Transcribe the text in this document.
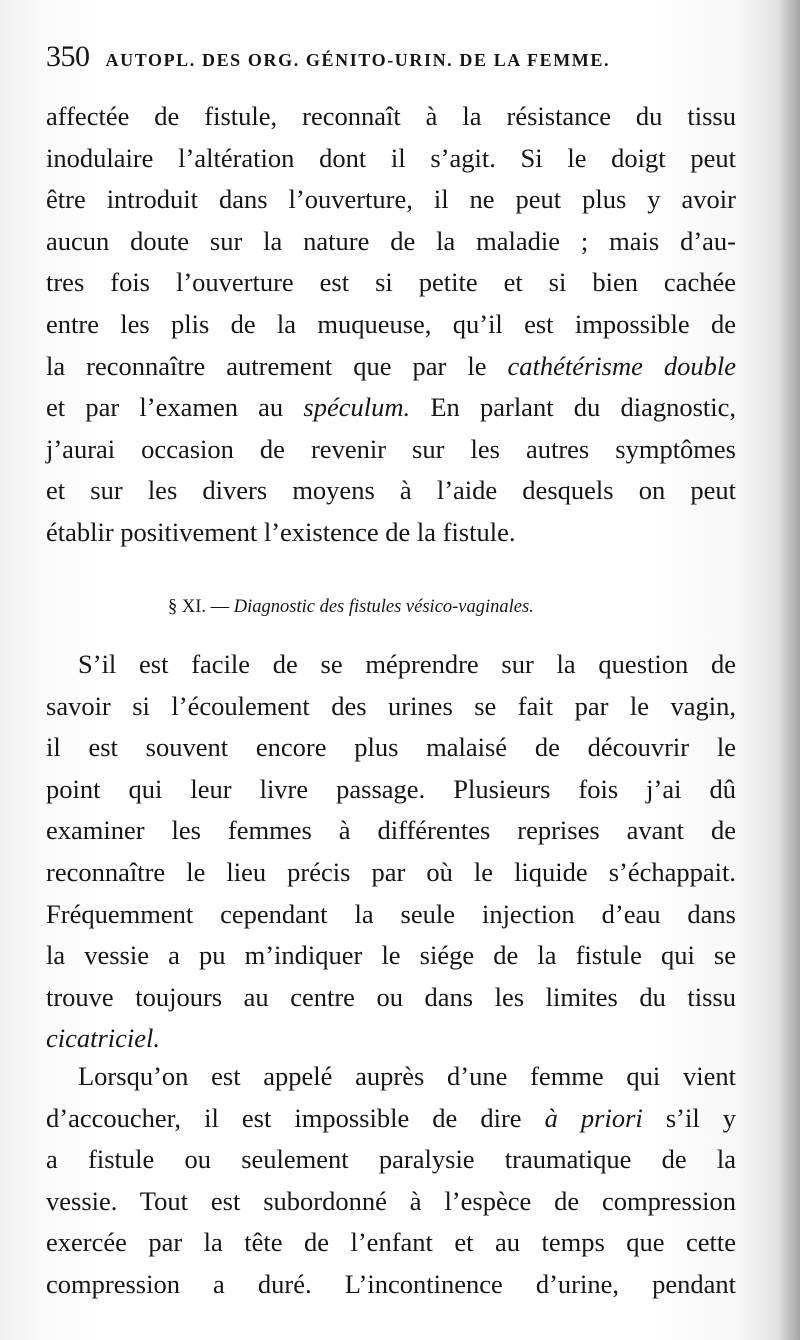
350 AUTOPL. DES ORG. GÉNITO-URIN. DE LA FEMME.
affectée de fistule, reconnaît à la résistance du tissu
inodulaire l’altération dont il s’agit. Si le doigt peut
être introduit dans l’ouverture, il ne peut plus y avoir
aucun doute sur la nature de la maladie ; mais d’au-
tres fois l’ouverture est si petite et si bien cachée
entre les plis de la muqueuse, qu’il est impossible de
la reconnaître autrement que par le cathétérisme double
et par l’examen au spéculum. En parlant du diagnostic,
j’aurai occasion de revenir sur les autres symptômes
et sur les divers moyens à l’aide desquels on peut
établir positivement l’existence de la fistule.
§ XI. — Diagnostic des fistules vésico-vaginales.
S’il est facile de se méprendre sur la question de
savoir si l’écoulement des urines se fait par le vagin,
il est souvent encore plus malaisé de découvrir le
point qui leur livre passage. Plusieurs fois j’ai dû
examiner les femmes à différentes reprises avant de
reconnaître le lieu précis par où le liquide s’échappait.
Fréquemment cependant la seule injection d’eau dans
la vessie a pu m’indiquer le siége de la fistule qui se
trouve toujours au centre ou dans les limites du tissu
cicatriciel.
Lorsqu’on est appelé auprès d’une femme qui vient
d’accoucher, il est impossible de dire à priori s’il y
a fistule ou seulement paralysie traumatique de la
vessie. Tout est subordonné à l’espèce de compression
exercée par la tête de l’enfant et au temps que cette
compression a duré. L’incontinence d’urine, pendant
